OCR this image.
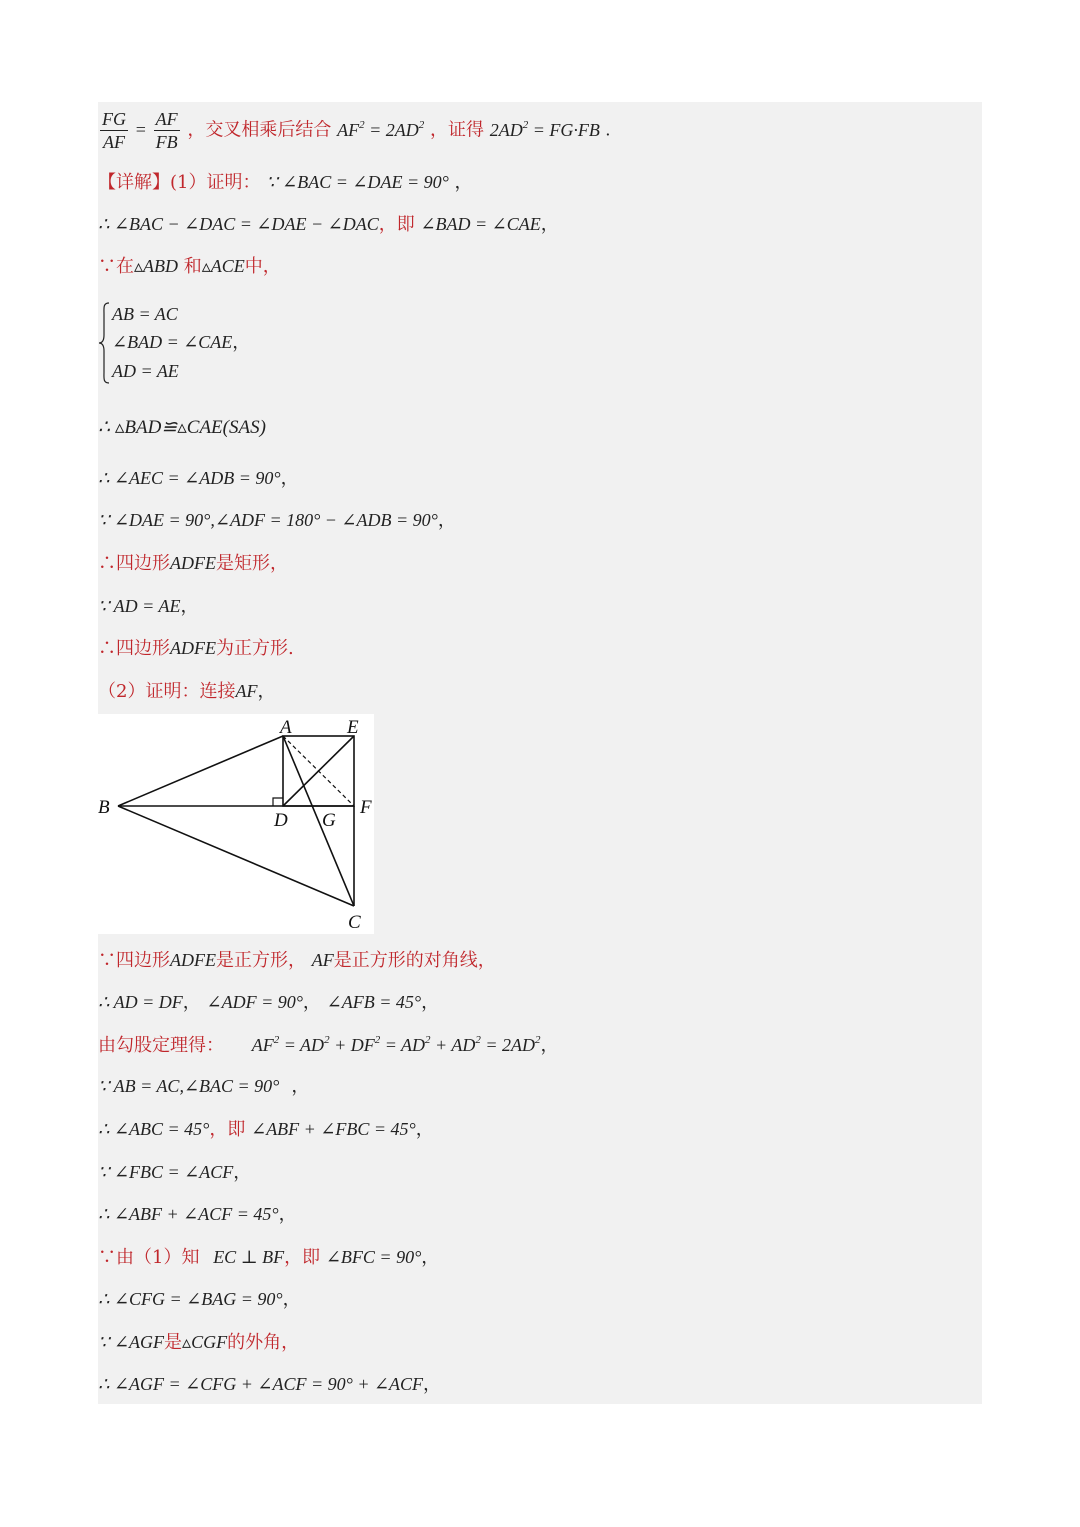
$\frac{FG}{AF} = \frac{AF}{FB}$ ，交叉相乘后结合 $AF^2 = 2AD^2$ ，证得 $2AD^2 = FG\cdot FB$ .
【详解】(1）证明： ∵ ∠BAC = ∠DAE = 90° ，
∴ ∠BAC − ∠DAC = ∠DAE − ∠DAC，即 ∠BAD = ∠CAE，
∵在▵ABD 和▵ACE中，
AB = AC
∠BAD = ∠CAE，
AD = AE
∴ ▵BAD≌▵CAE(SAS)
∴ ∠AEC = ∠ADB = 90°，
∵ ∠DAE = 90°,∠ADF = 180° − ∠ADB = 90°，
∴四边形ADFE是矩形，
∵ AD = AE，
∴四边形ADFE为正方形.
（2）证明：连接AF，
A	E
B
D G
F
C
∵四边形ADFE是正方形， AF是正方形的对角线，
∴ AD = DF， ∠ADF = 90°， ∠AFB = 45°，
由勾股定理得： $AF^2 = AD^2 + DF^2 = AD^2 + AD^2 = 2AD^2$，
∵ AB = AC,∠BAC = 90° ，
∴ ∠ABC = 45°，即 ∠ABF + ∠FBC = 45°，
∵ ∠FBC = ∠ACF，
∴ ∠ABF + ∠ACF = 45°，
∵由（1）知 EC ⊥ BF，即 ∠BFC = 90°，
∴ ∠CFG = ∠BAG = 90°，
∵ ∠AGF是▵CGF的外角，
∴ ∠AGF = ∠CFG + ∠ACF = 90° + ∠ACF，
